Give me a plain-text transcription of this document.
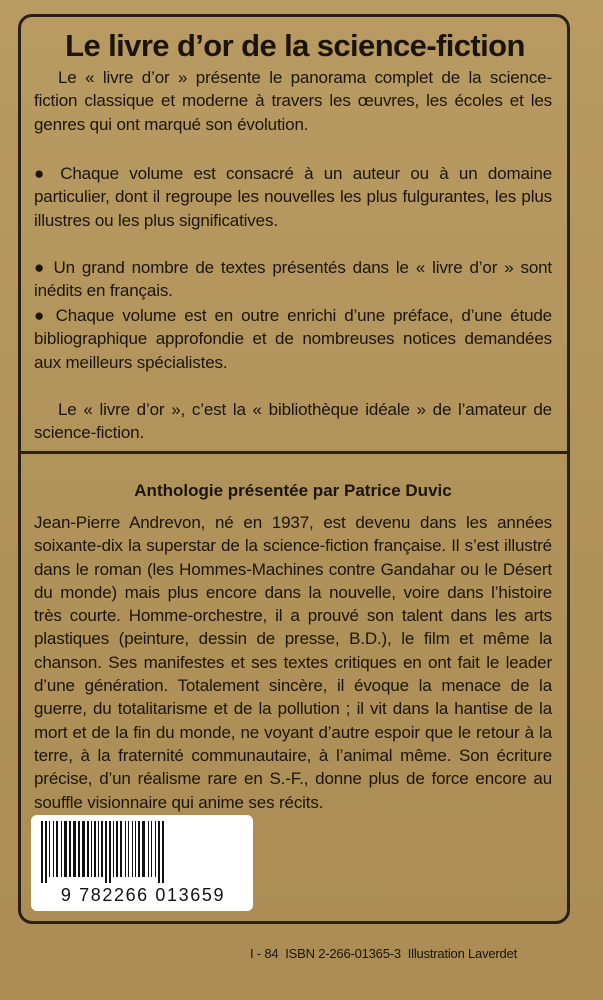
Le livre d’or de la science-fiction

Le « livre d’or » présente le panorama complet de la science-fiction classique et moderne à travers les œuvres, les écoles et les genres qui ont marqué son évolution.

● Chaque volume est consacré à un auteur ou à un domaine particulier, dont il regroupe les nouvelles les plus fulgurantes, les plus illustres ou les plus significatives.

● Un grand nombre de textes présentés dans le « livre d’or » sont inédits en français.

● Chaque volume est en outre enrichi d’une préface, d’une étude bibliographique approfondie et de nombreuses notices demandées aux meilleurs spécialistes.

Le « livre d’or », c’est la « bibliothèque idéale » de l’amateur de science-fiction.

Anthologie présentée par Patrice Duvic

Jean-Pierre Andrevon, né en 1937, est devenu dans les années soixante-dix la superstar de la science-fiction française. Il s’est illustré dans le roman (les Hommes-Machines contre Gandahar ou le Désert du monde) mais plus encore dans la nouvelle, voire dans l’histoire très courte. Homme-orchestre, il a prouvé son talent dans les arts plastiques (peinture, dessin de presse, B.D.), le film et même la chanson. Ses manifestes et ses textes critiques en ont fait le leader d’une génération. Totalement sincère, il évoque la menace de la guerre, du totalitarisme et de la pollution ; il vit dans la hantise de la mort et de la fin du monde, ne voyant d’autre espoir que le retour à la terre, à la fraternité communautaire, à l’animal même. Son écriture précise, d’un réalisme rare en S.-F., donne plus de force encore au souffle visionnaire qui anime ses récits.

9 782266 013659
I - 84 ISBN 2-266-01365-3 Illustration Laverdet
